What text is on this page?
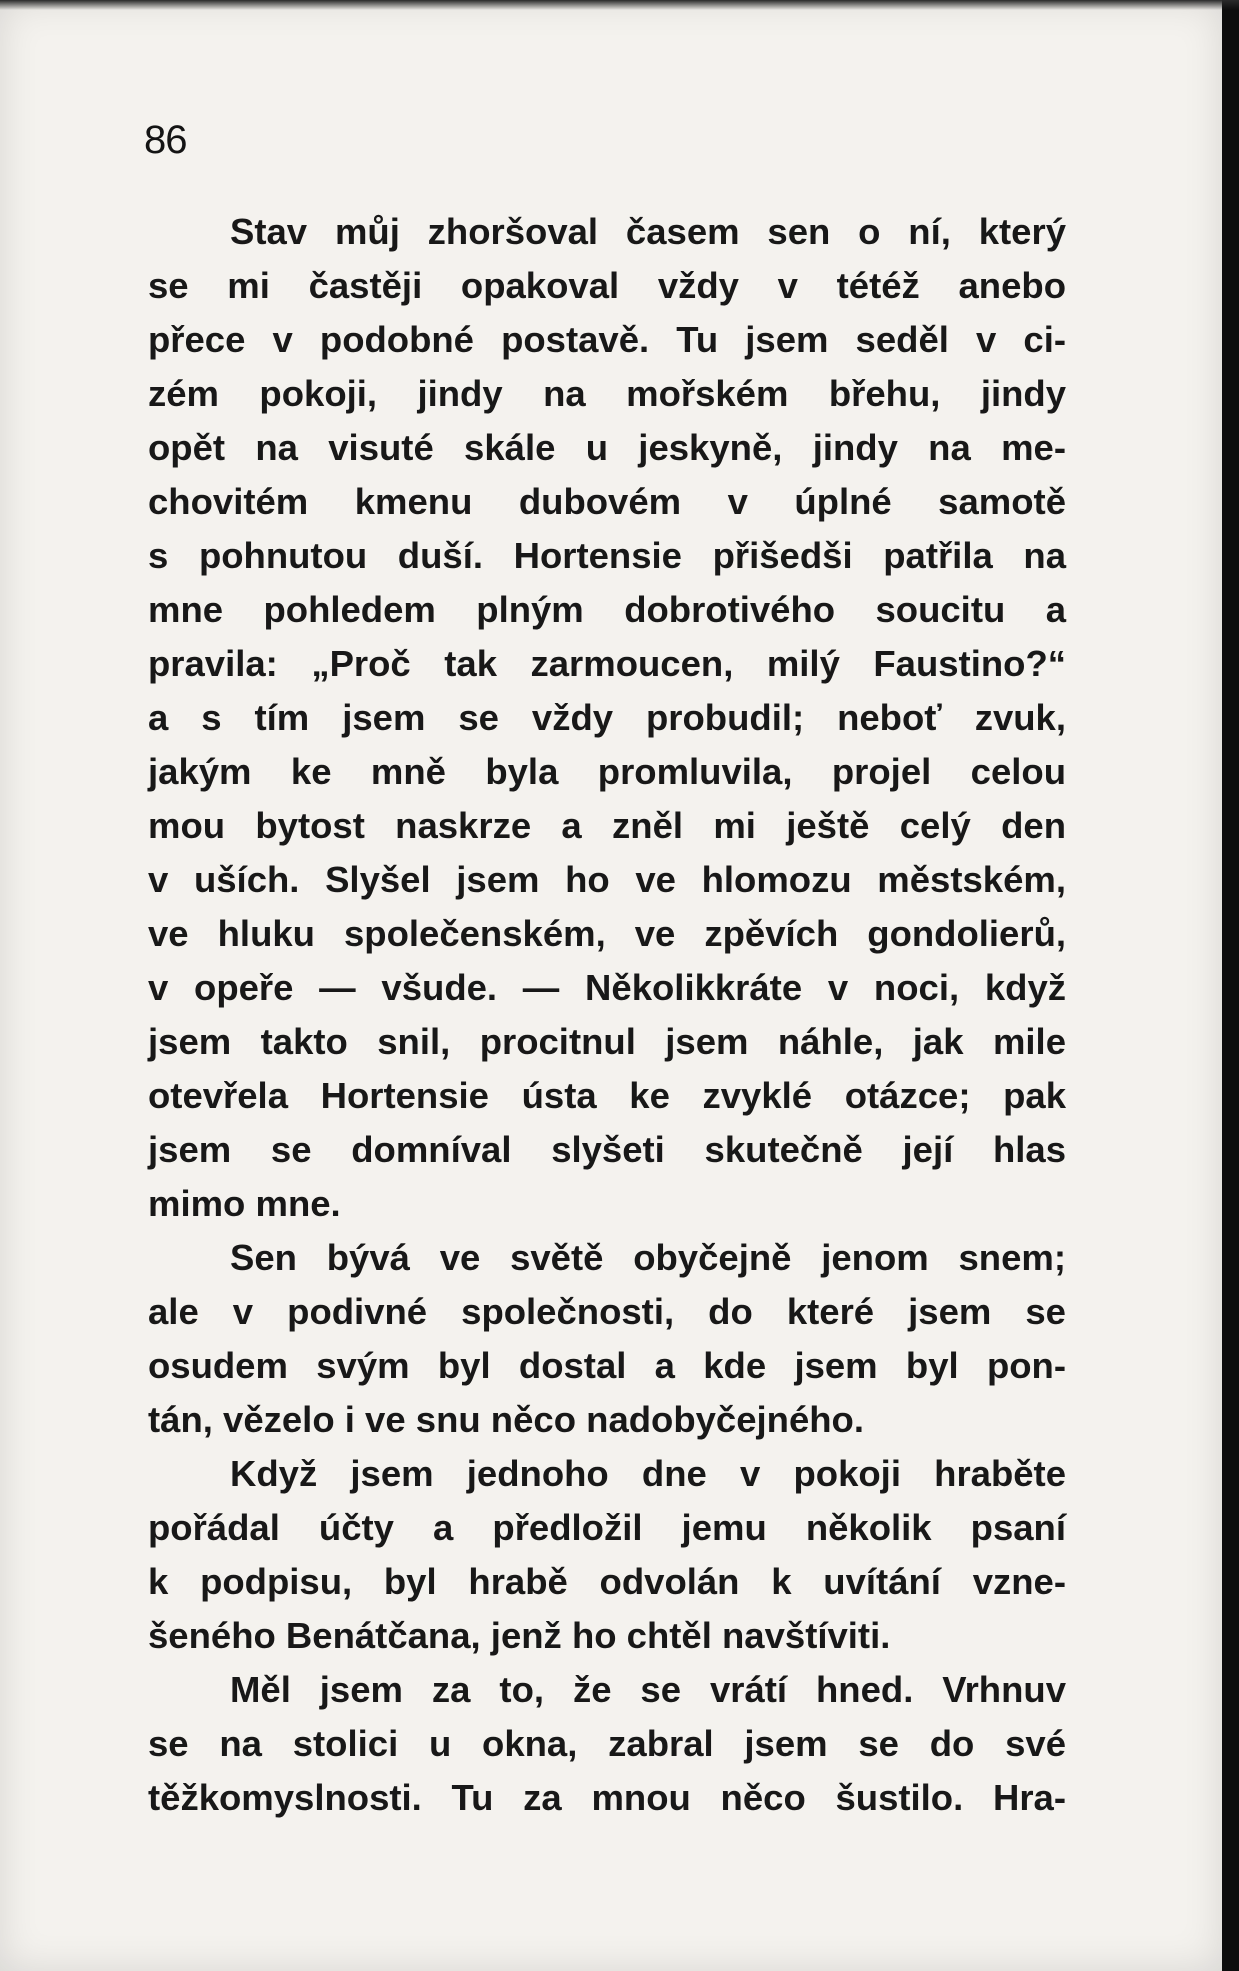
86

Stav můj zhoršoval časem sen o ní, který

se mi častěji opakoval vždy v tétéž anebo

přece v podobné postavě. Tu jsem seděl v ci-

zém pokoji, jindy na mořském břehu, jindy

opět na visuté skále u jeskyně, jindy na me-

chovitém kmenu dubovém v úplné samotě

s pohnutou duší. Hortensie přišedši patřila na

mne pohledem plným dobrotivého soucitu a

pravila: „Proč tak zarmoucen, milý Faustino?“

a s tím jsem se vždy probudil; neboť zvuk,

jakým ke mně byla promluvila, projel celou

mou bytost naskrze a zněl mi ještě celý den

v uších. Slyšel jsem ho ve hlomozu městském,

ve hluku společenském, ve zpěvích gondolierů,

v opeře — všude. — Několikkráte v noci, když

jsem takto snil, procitnul jsem náhle, jak mile

otevřela Hortensie ústa ke zvyklé otázce; pak

jsem se domníval slyšeti skutečně její hlas

mimo mne.

Sen bývá ve světě obyčejně jenom snem;

ale v podivné společnosti, do které jsem se

osudem svým byl dostal a kde jsem byl pon-

tán, vězelo i ve snu něco nadobyčejného.

Když jsem jednoho dne v pokoji hraběte

pořádal účty a předložil jemu několik psaní

k podpisu, byl hrabě odvolán k uvítání vzne-

šeného Benátčana, jenž ho chtěl navštíviti.

Měl jsem za to, že se vrátí hned. Vrhnuv

se na stolici u okna, zabral jsem se do své

těžkomyslnosti. Tu za mnou něco šustilo. Hra-
